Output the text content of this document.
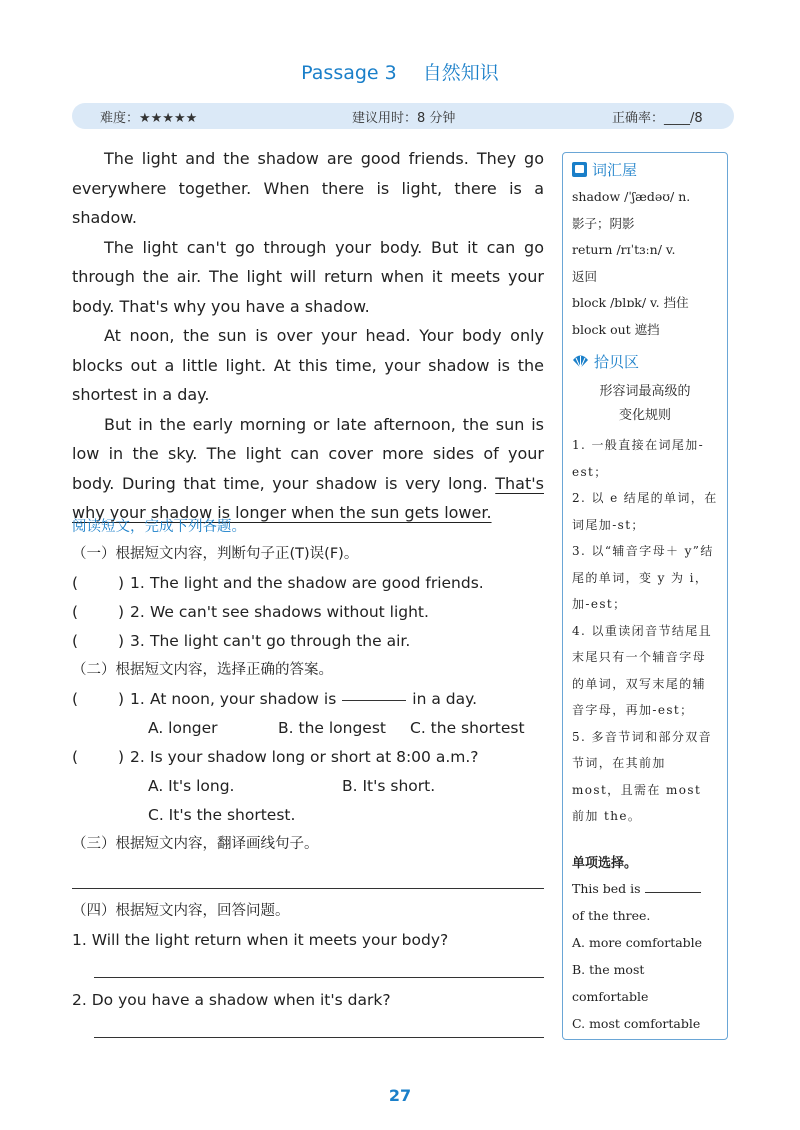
Passage 3 自然知识
难度：★★★★★	建议用时：8 分钟	正确率：____/8

The light and the shadow are good friends. They go everywhere together. When there is light, there is a shadow.

The light can't go through your body. But it can go through the air. The light will return when it meets your body. That's why you have a shadow.

At noon, the sun is over your head. Your body only blocks out a little light. At this time, your shadow is the shortest in a day.

But in the early morning or late afternoon, the sun is low in the sky. The light can cover more sides of your body. During that time, your shadow is very long. That's why your shadow is longer when the sun gets lower.

词汇屋
shadow /ˈʃædəʊ/ n.
影子；阴影
return /rɪˈtɜːn/ v.
返回
block /blɒk/ v. 挡住
block out 遮挡
拾贝区
形容词最高级的
变化规则
1. 一般直接在词尾加-est；
2. 以 e 结尾的单词，在词尾加-st；
3. 以“辅音字母＋ y”结尾的单词，变 y 为 i，加-est；
4. 以重读闭音节结尾且末尾只有一个辅音字母的单词，双写末尾的辅音字母，再加-est；
5. 多音节词和部分双音节词，在其前加 most，且需在 most 前加 the。
单项选择。
This bed is
of the three.
A. more comfortable
B. the most comfortable
C. most comfortable
阅读短文，完成下列各题。
（一）根据短文内容，判断句子正(T)误(F)。
(	) 1. The light and the shadow are good friends.
(	) 2. We can't see shadows without light.
(	) 3. The light can't go through the air.
（二）根据短文内容，选择正确的答案。
(	) 1. At noon, your shadow is	in a day.
A. longer	B. the longest	C. the shortest
(	) 2. Is your shadow long or short at 8:00 a.m.?
A. It's long.	B. It's short.
C. It's the shortest.
（三）根据短文内容，翻译画线句子。
（四）根据短文内容，回答问题。
1. Will the light return when it meets your body?
2. Do you have a shadow when it's dark?
27
